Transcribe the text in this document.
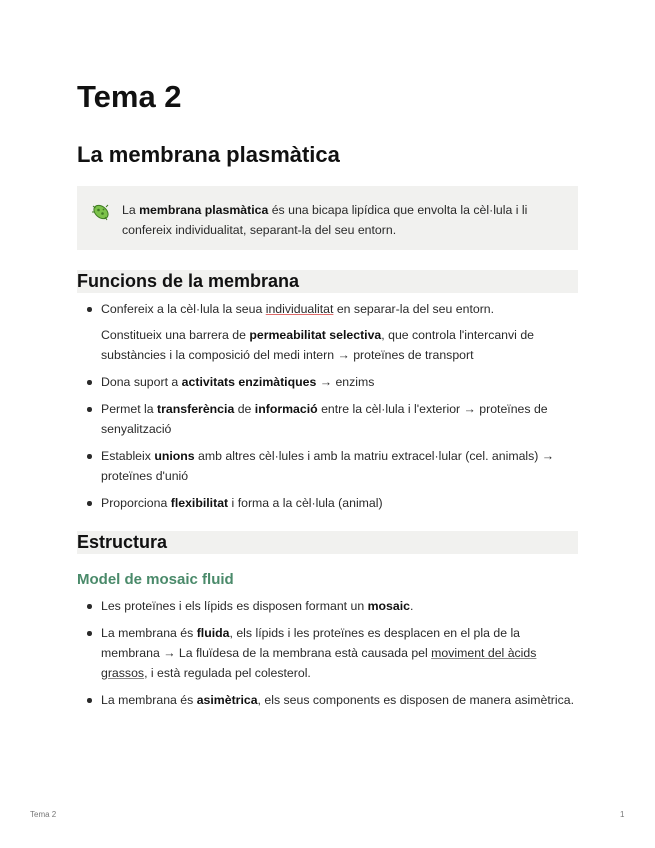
Tema 2
La membrana plasmàtica
La membrana plasmàtica és una bicapa lipídica que envolta la cèl·lula i li confereix individualitat, separant-la del seu entorn.
Funcions de la membrana

Confereix a la cèl·lula la seua individualitat en separar-la del seu entorn.

Constitueix una barrera de permeabilitat selectiva, que controla l'intercanvi de substàncies i la composició del medi intern → proteïnes de transport

Dona suport a activitats enzimàtiques → enzims
Permet la transferència de informació entre la cèl·lula i l'exterior → proteïnes de senyalització
Estableix unions amb altres cèl·lules i amb la matriu extracel·lular (cel. animals) → proteïnes d'unió
Proporciona flexibilitat i forma a la cèl·lula (animal)
Estructura
Model de mosaic fluid
Les proteïnes i els lípids es disposen formant un mosaic.
La membrana és fluida, els lípids i les proteïnes es desplacen en el pla de la membrana → La fluïdesa de la membrana està causada pel moviment del àcids grassos, i està regulada pel colesterol.
La membrana és asimètrica, els seus components es disposen de manera asimètrica.
Tema 2	1
